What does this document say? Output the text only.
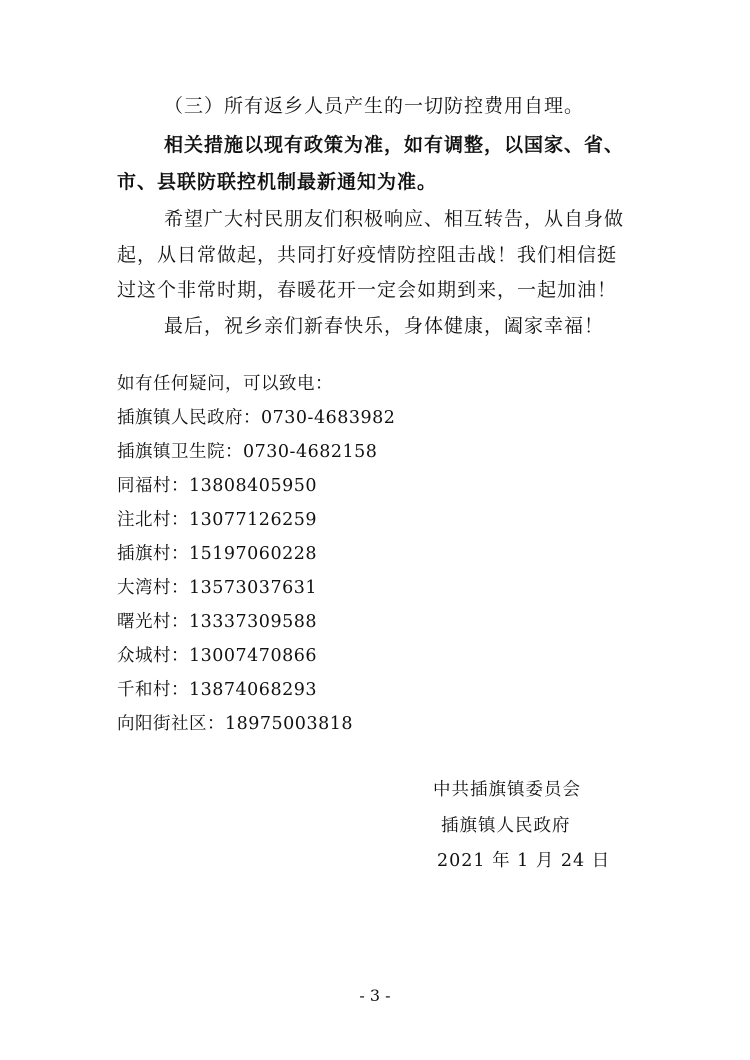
（三）所有返乡人员产生的一切防控费用自理。
相关措施以现有政策为准，如有调整，以国家、省、
市、县联防联控机制最新通知为准。
希望广大村民朋友们积极响应、相互转告，从自身做
起，从日常做起，共同打好疫情防控阻击战！我们相信挺
过这个非常时期，春暖花开一定会如期到来，一起加油！
最后，祝乡亲们新春快乐，身体健康，阖家幸福！
如有任何疑问，可以致电：
插旗镇人民政府：0730-4683982
插旗镇卫生院：0730-4682158
同福村：13808405950
注北村：13077126259
插旗村：15197060228
大湾村：13573037631
曙光村：13337309588
众城村：13007470866
千和村：13874068293
向阳街社区：18975003818
中共插旗镇委员会
插旗镇人民政府
2021 年 1 月 24 日
- 3 -
